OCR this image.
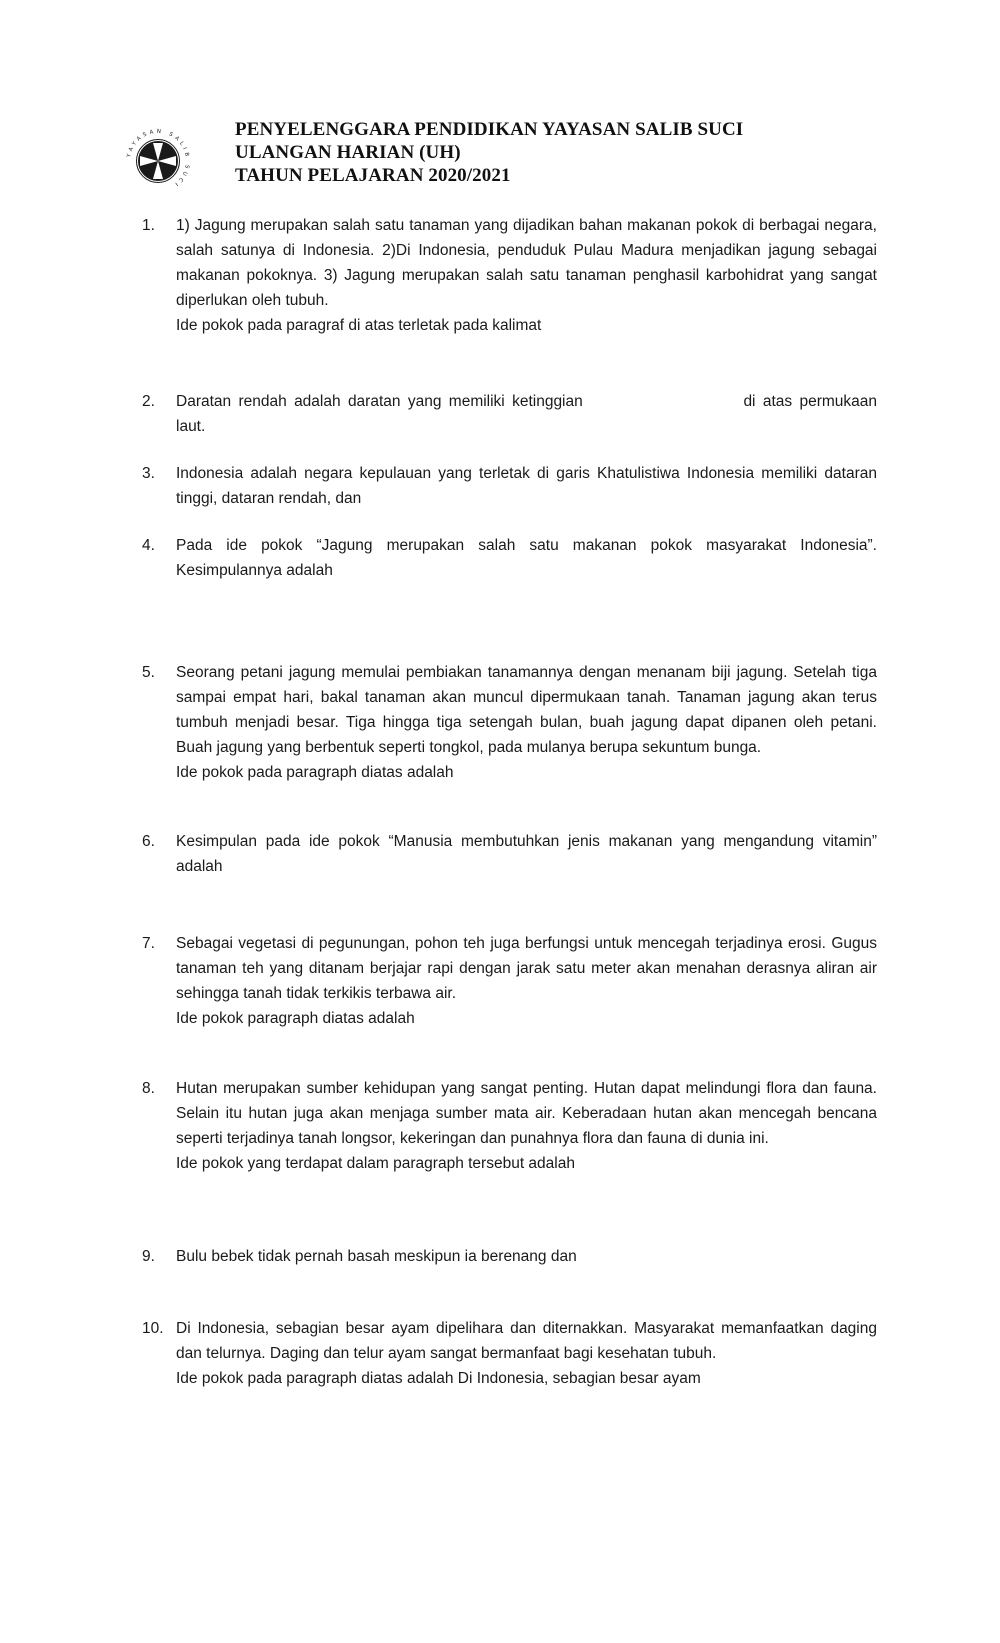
YAYASAN SALIB SUCI
PENYELENGGARA PENDIDIKAN YAYASAN SALIB SUCI
ULANGAN HARIAN (UH)
TAHUN PELAJARAN 2020/2021
1.	1) Jagung merupakan salah satu tanaman yang dijadikan bahan makanan pokok di berbagai negara, salah satunya di Indonesia. 2)Di Indonesia, penduduk Pulau Madura menjadikan jagung sebagai makanan pokoknya. 3) Jagung merupakan salah satu tanaman penghasil karbohidrat yang sangat diperlukan oleh tubuh.

Ide pokok pada paragraf di atas terletak pada kalimat

2.	Daratan rendah adalah daratan yang memiliki ketinggian	di atas permukaan laut.
3.	Indonesia adalah negara kepulauan yang terletak di garis Khatulistiwa Indonesia memiliki dataran tinggi, dataran rendah, dan

4.	Pada ide pokok “Jagung merupakan salah satu makanan pokok masyarakat Indonesia”. Kesimpulannya adalah

5.	Seorang petani jagung memulai pembiakan tanamannya dengan menanam biji jagung. Setelah tiga sampai empat hari, bakal tanaman akan muncul dipermukaan tanah. Tanaman jagung akan terus tumbuh menjadi besar. Tiga hingga tiga setengah bulan, buah jagung dapat dipanen oleh petani. Buah jagung yang berbentuk seperti tongkol, pada mulanya berupa sekuntum bunga.

Ide pokok pada paragraph diatas adalah

6.	Kesimpulan pada ide pokok “Manusia membutuhkan jenis makanan yang mengandung vitamin” adalah

7.	Sebagai vegetasi di pegunungan, pohon teh juga berfungsi untuk mencegah terjadinya erosi. Gugus tanaman teh yang ditanam berjajar rapi dengan jarak satu meter akan menahan derasnya aliran air sehingga tanah tidak terkikis terbawa air.

Ide pokok paragraph diatas adalah

8.	Hutan merupakan sumber kehidupan yang sangat penting. Hutan dapat melindungi flora dan fauna. Selain itu hutan juga akan menjaga sumber mata air. Keberadaan hutan akan mencegah bencana seperti terjadinya tanah longsor, kekeringan dan punahnya flora dan fauna di dunia ini.

Ide pokok yang terdapat dalam paragraph tersebut adalah

9.	Bulu bebek tidak pernah basah meskipun ia berenang dan

10. Di Indonesia, sebagian besar ayam dipelihara dan diternakkan. Masyarakat memanfaatkan daging dan telurnya. Daging dan telur ayam sangat bermanfaat bagi kesehatan tubuh.

Ide pokok pada paragraph diatas adalah Di Indonesia, sebagian besar ayam
